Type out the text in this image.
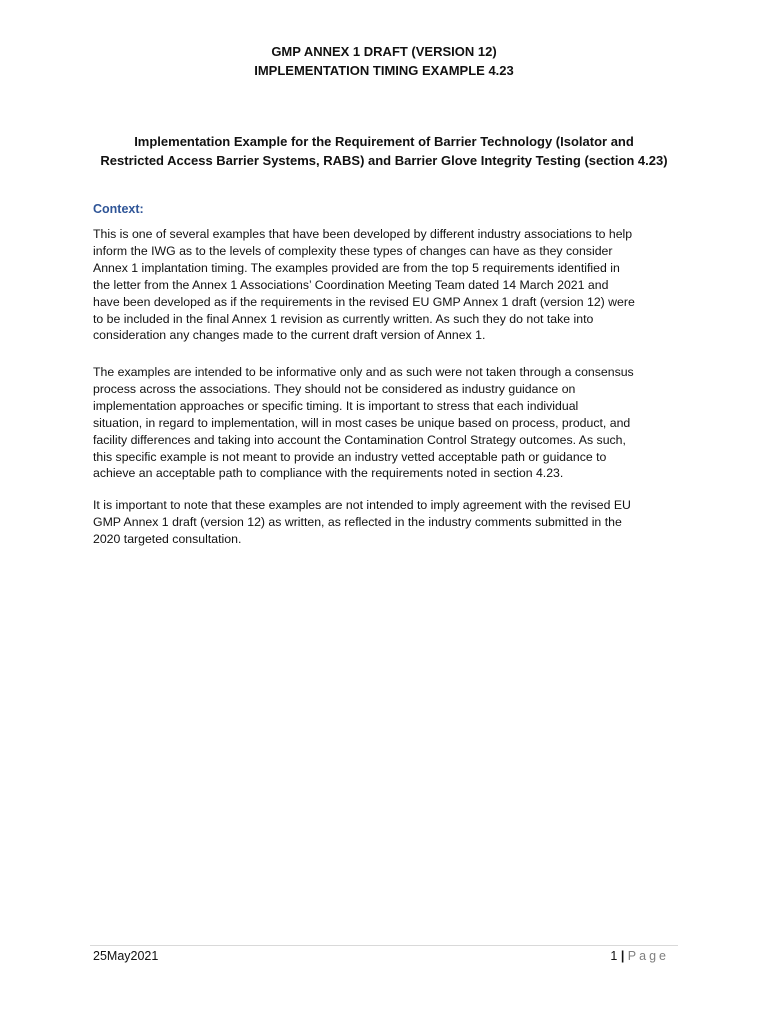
GMP ANNEX 1 DRAFT (VERSION 12)
IMPLEMENTATION TIMING EXAMPLE 4.23
Implementation Example for the Requirement of Barrier Technology (Isolator and
Restricted Access Barrier Systems, RABS) and Barrier Glove Integrity Testing (section 4.23)
Context:
This is one of several examples that have been developed by different industry associations to help
inform the IWG as to the levels of complexity these types of changes can have as they consider
Annex 1 implantation timing. The examples provided are from the top 5 requirements identified in
the letter from the Annex 1 Associations’ Coordination Meeting Team dated 14 March 2021 and
have been developed as if the requirements in the revised EU GMP Annex 1 draft (version 12) were
to be included in the final Annex 1 revision as currently written. As such they do not take into
consideration any changes made to the current draft version of Annex 1.
The examples are intended to be informative only and as such were not taken through a consensus
process across the associations. They should not be considered as industry guidance on
implementation approaches or specific timing. It is important to stress that each individual
situation, in regard to implementation, will in most cases be unique based on process, product, and
facility differences and taking into account the Contamination Control Strategy outcomes. As such,
this specific example is not meant to provide an industry vetted acceptable path or guidance to
achieve an acceptable path to compliance with the requirements noted in section 4.23.
It is important to note that these examples are not intended to imply agreement with the revised EU
GMP Annex 1 draft (version 12) as written, as reflected in the industry comments submitted in the
2020 targeted consultation.
25May2021	1 | Page
